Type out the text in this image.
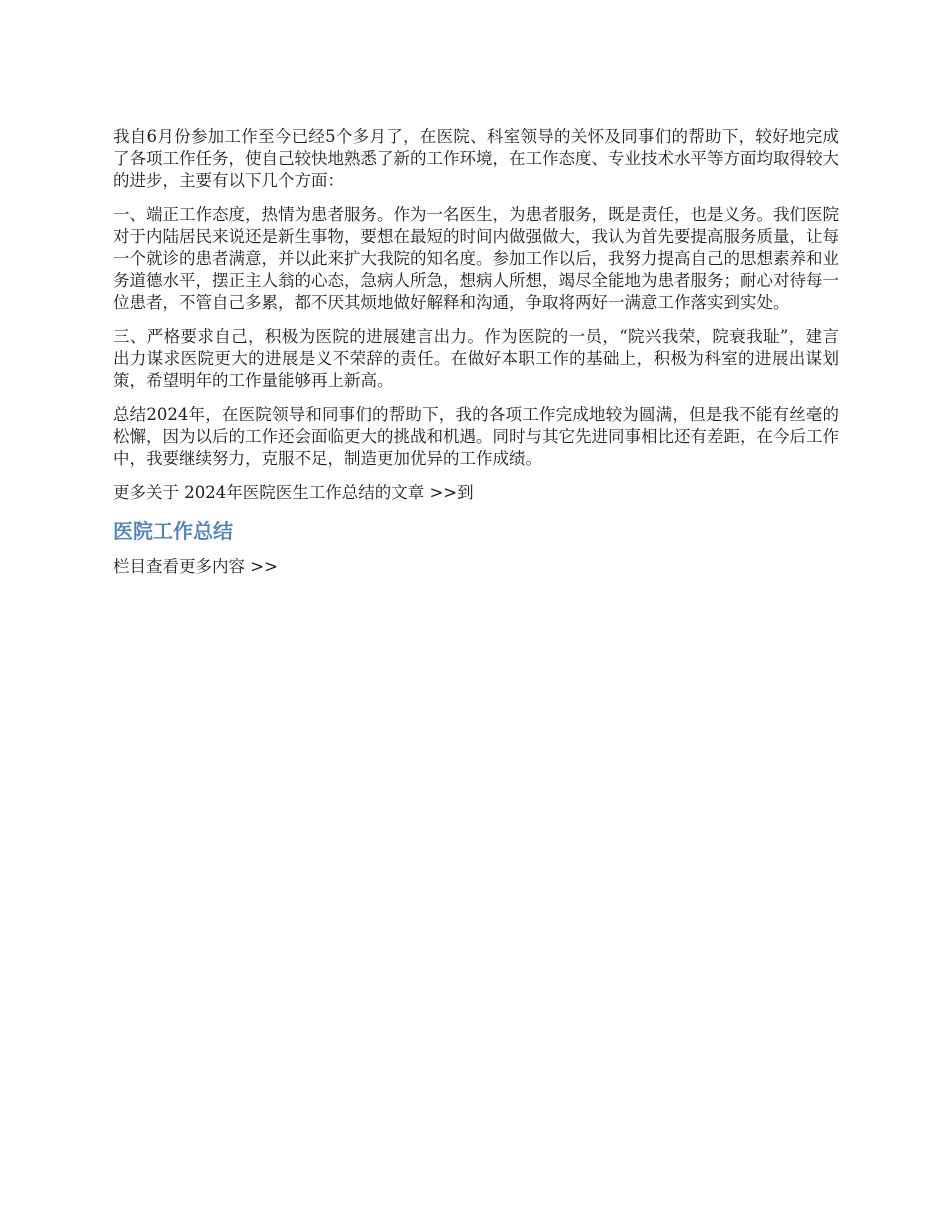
我自6月份参加工作至今已经5个多月了，在医院、科室领导的关怀及同事们的帮助下，较好地完成了各项工作任务，使自己较快地熟悉了新的工作环境，在工作态度、专业技术水平等方面均取得较大的进步，主要有以下几个方面：

一、端正工作态度，热情为患者服务。作为一名医生，为患者服务，既是责任，也是义务。我们医院对于内陆居民来说还是新生事物，要想在最短的时间内做强做大，我认为首先要提高服务质量，让每一个就诊的患者满意，并以此来扩大我院的知名度。参加工作以后，我努力提高自己的思想素养和业务道德水平，摆正主人翁的心态，急病人所急，想病人所想，竭尽全能地为患者服务；耐心对待每一位患者，不管自己多累，都不厌其烦地做好解释和沟通，争取将两好一满意工作落实到实处。

三、严格要求自己，积极为医院的进展建言出力。作为医院的一员，“院兴我荣，院衰我耻”，建言出力谋求医院更大的进展是义不荣辞的责任。在做好本职工作的基础上，积极为科室的进展出谋划策，希望明年的工作量能够再上新高。

总结2024年，在医院领导和同事们的帮助下，我的各项工作完成地较为圆满，但是我不能有丝毫的松懈，因为以后的工作还会面临更大的挑战和机遇。同时与其它先进同事相比还有差距，在今后工作中，我要继续努力，克服不足，制造更加优异的工作成绩。

更多关于 2024年医院医生工作总结的文章 >>到

医院工作总结

栏目查看更多内容 >>
